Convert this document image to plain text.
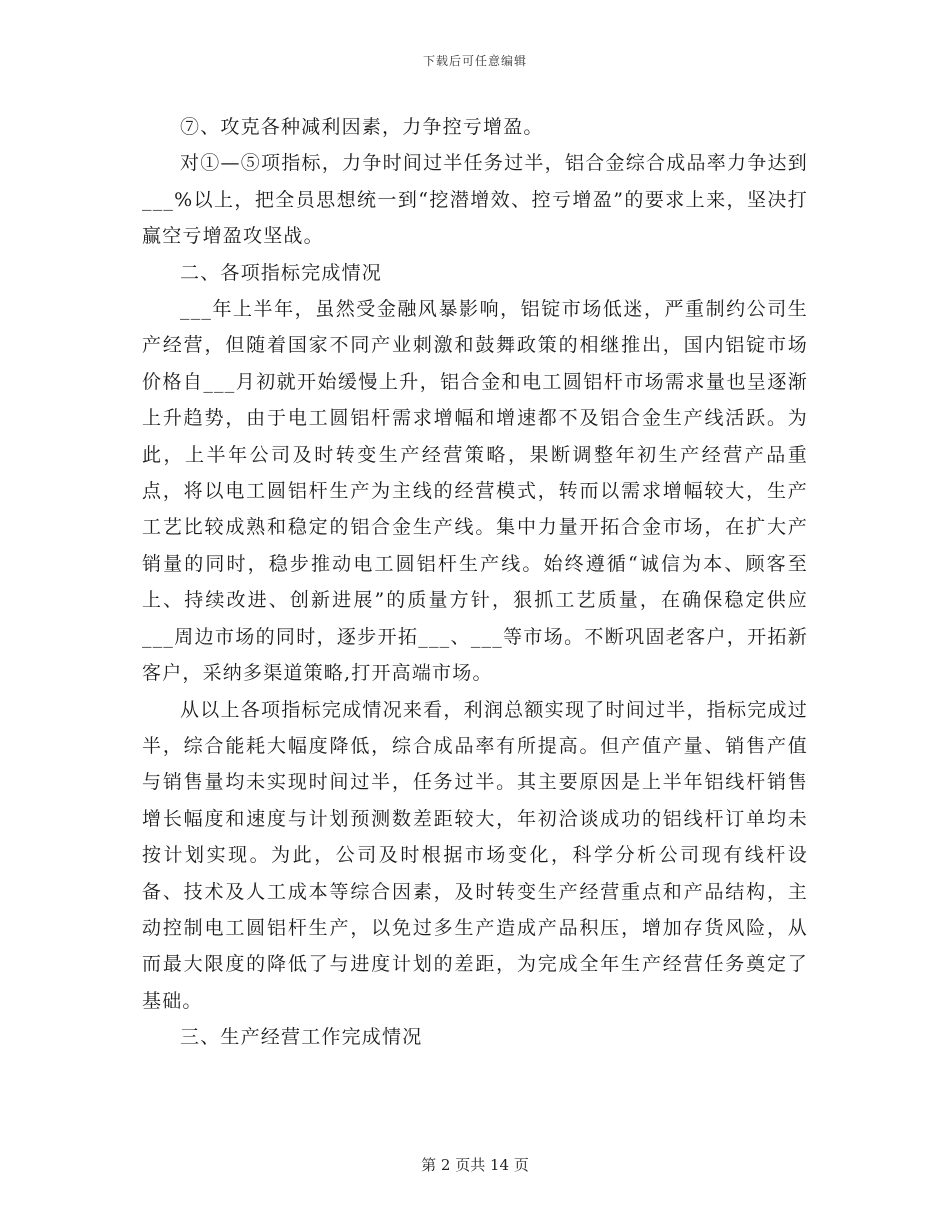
下载后可任意编辑

⑦、攻克各种减利因素，力争控亏增盈。

对①—⑤项指标，力争时间过半任务过半，铝合金综合成品率力争达到___%以上，把全员思想统一到“挖潜增效、控亏增盈”的要求上来，坚决打赢空亏增盈攻坚战。

二、各项指标完成情况

___年上半年，虽然受金融风暴影响，铝锭市场低迷，严重制约公司生产经营，但随着国家不同产业刺激和鼓舞政策的相继推出，国内铝锭市场价格自___月初就开始缓慢上升，铝合金和电工圆铝杆市场需求量也呈逐渐上升趋势，由于电工圆铝杆需求增幅和增速都不及铝合金生产线活跃。为此，上半年公司及时转变生产经营策略，果断调整年初生产经营产品重点，将以电工圆铝杆生产为主线的经营模式，转而以需求增幅较大，生产工艺比较成熟和稳定的铝合金生产线。集中力量开拓合金市场，在扩大产销量的同时，稳步推动电工圆铝杆生产线。始终遵循“诚信为本、顾客至上、持续改进、创新进展”的质量方针，狠抓工艺质量，在确保稳定供应___周边市场的同时，逐步开拓___、___等市场。不断巩固老客户，开拓新客户，采纳多渠道策略,打开高端市场。

从以上各项指标完成情况来看，利润总额实现了时间过半，指标完成过半，综合能耗大幅度降低，综合成品率有所提高。但产值产量、销售产值与销售量均未实现时间过半，任务过半。其主要原因是上半年铝线杆销售增长幅度和速度与计划预测数差距较大，年初洽谈成功的铝线杆订单均未按计划实现。为此，公司及时根据市场变化，科学分析公司现有线杆设备、技术及人工成本等综合因素，及时转变生产经营重点和产品结构，主动控制电工圆铝杆生产，以免过多生产造成产品积压，增加存货风险，从而最大限度的降低了与进度计划的差距，为完成全年生产经营任务奠定了基础。

三、生产经营工作完成情况

第 2 页共 14 页
